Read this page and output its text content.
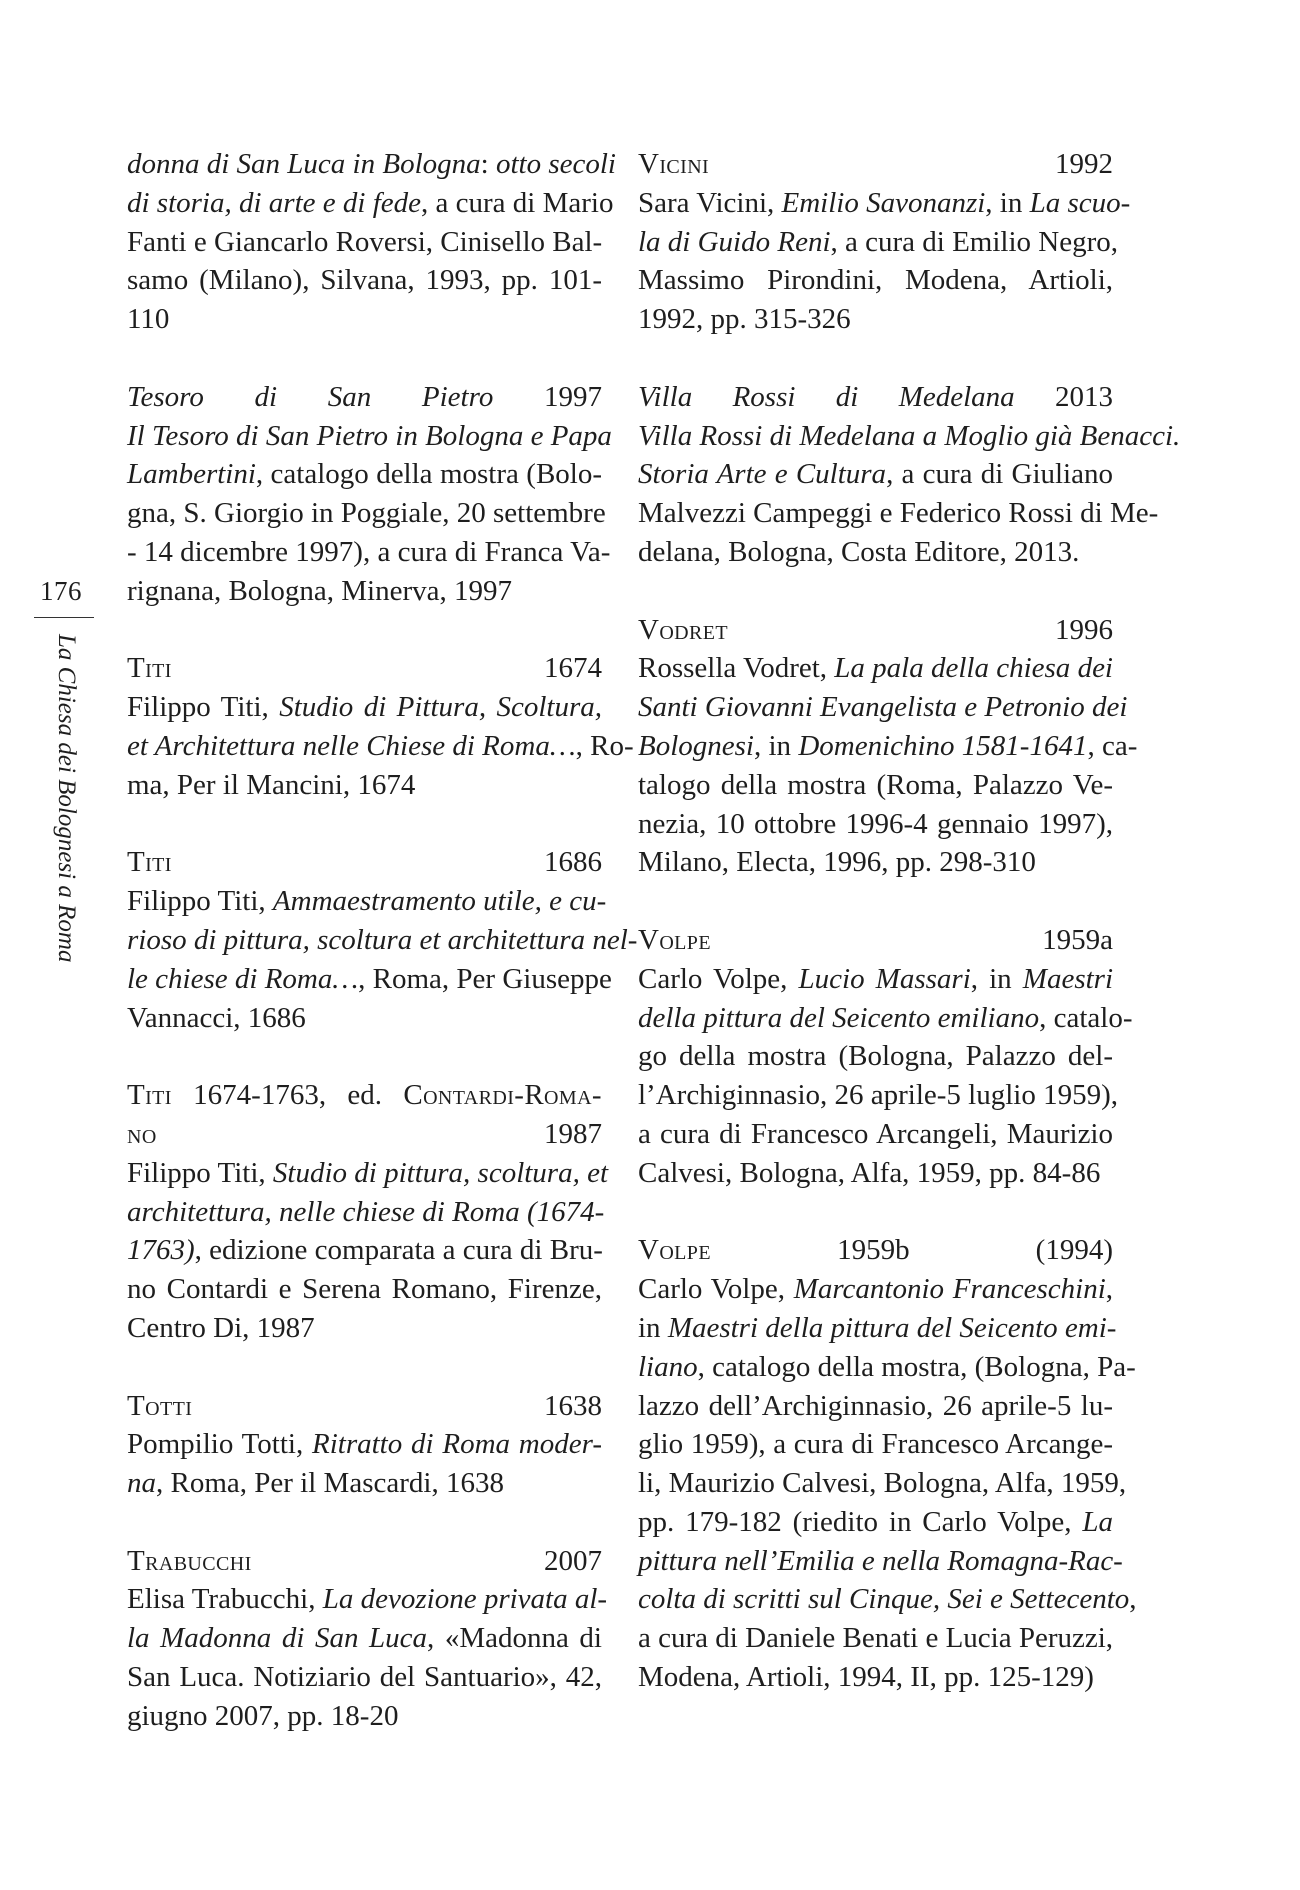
176
La Chiesa dei Bolognesi a Roma
donna di San Luca in Bologna: otto secoli
di storia, di arte e di fede, a cura di Mario
Fanti e Giancarlo Roversi, Cinisello Bal-
samo (Milano), Silvana, 1993, pp. 101-
110
Tesoro di San Pietro 1997
Il Tesoro di San Pietro in Bologna e Papa
Lambertini, catalogo della mostra (Bolo-
gna, S. Giorgio in Poggiale, 20 settembre
- 14 dicembre 1997), a cura di Franca Va-
rignana, Bologna, Minerva, 1997
Titi 1674
Filippo Titi, Studio di Pittura, Scoltura,
et Architettura nelle Chiese di Roma…, Ro-
ma, Per il Mancini, 1674
Titi 1686
Filippo Titi, Ammaestramento utile, e cu-
rioso di pittura, scoltura et architettura nel-
le chiese di Roma…, Roma, Per Giuseppe
Vannacci, 1686
Titi 1674-1763, ed. Contardi-Roma-
no 1987
Filippo Titi, Studio di pittura, scoltura, et
architettura, nelle chiese di Roma (1674-
1763), edizione comparata a cura di Bru-
no Contardi e Serena Romano, Firenze,
Centro Di, 1987
Totti 1638
Pompilio Totti, Ritratto di Roma moder-
na, Roma, Per il Mascardi, 1638
Trabucchi 2007
Elisa Trabucchi, La devozione privata al-
la Madonna di San Luca, «Madonna di
San Luca. Notiziario del Santuario», 42,
giugno 2007, pp. 18-20
Vicini 1992
Sara Vicini, Emilio Savonanzi, in La scuo-
la di Guido Reni, a cura di Emilio Negro,
Massimo Pirondini, Modena, Artioli,
1992, pp. 315-326
Villa Rossi di Medelana 2013
Villa Rossi di Medelana a Moglio già Benacci.
Storia Arte e Cultura, a cura di Giuliano
Malvezzi Campeggi e Federico Rossi di Me-
delana, Bologna, Costa Editore, 2013.
Vodret 1996
Rossella Vodret, La pala della chiesa dei
Santi Giovanni Evangelista e Petronio dei
Bolognesi, in Domenichino 1581-1641, ca-
talogo della mostra (Roma, Palazzo Ve-
nezia, 10 ottobre 1996-4 gennaio 1997),
Milano, Electa, 1996, pp. 298-310
Volpe 1959a
Carlo Volpe, Lucio Massari, in Maestri
della pittura del Seicento emiliano, catalo-
go della mostra (Bologna, Palazzo del-
l’Archiginnasio, 26 aprile-5 luglio 1959),
a cura di Francesco Arcangeli, Maurizio
Calvesi, Bologna, Alfa, 1959, pp. 84-86
Volpe 1959b (1994)
Carlo Volpe, Marcantonio Franceschini,
in Maestri della pittura del Seicento emi-
liano, catalogo della mostra, (Bologna, Pa-
lazzo dell’Archiginnasio, 26 aprile-5 lu-
glio 1959), a cura di Francesco Arcange-
li, Maurizio Calvesi, Bologna, Alfa, 1959,
pp. 179-182 (riedito in Carlo Volpe, La
pittura nell’Emilia e nella Romagna-Rac-
colta di scritti sul Cinque, Sei e Settecento,
a cura di Daniele Benati e Lucia Peruzzi,
Modena, Artioli, 1994, II, pp. 125-129)
